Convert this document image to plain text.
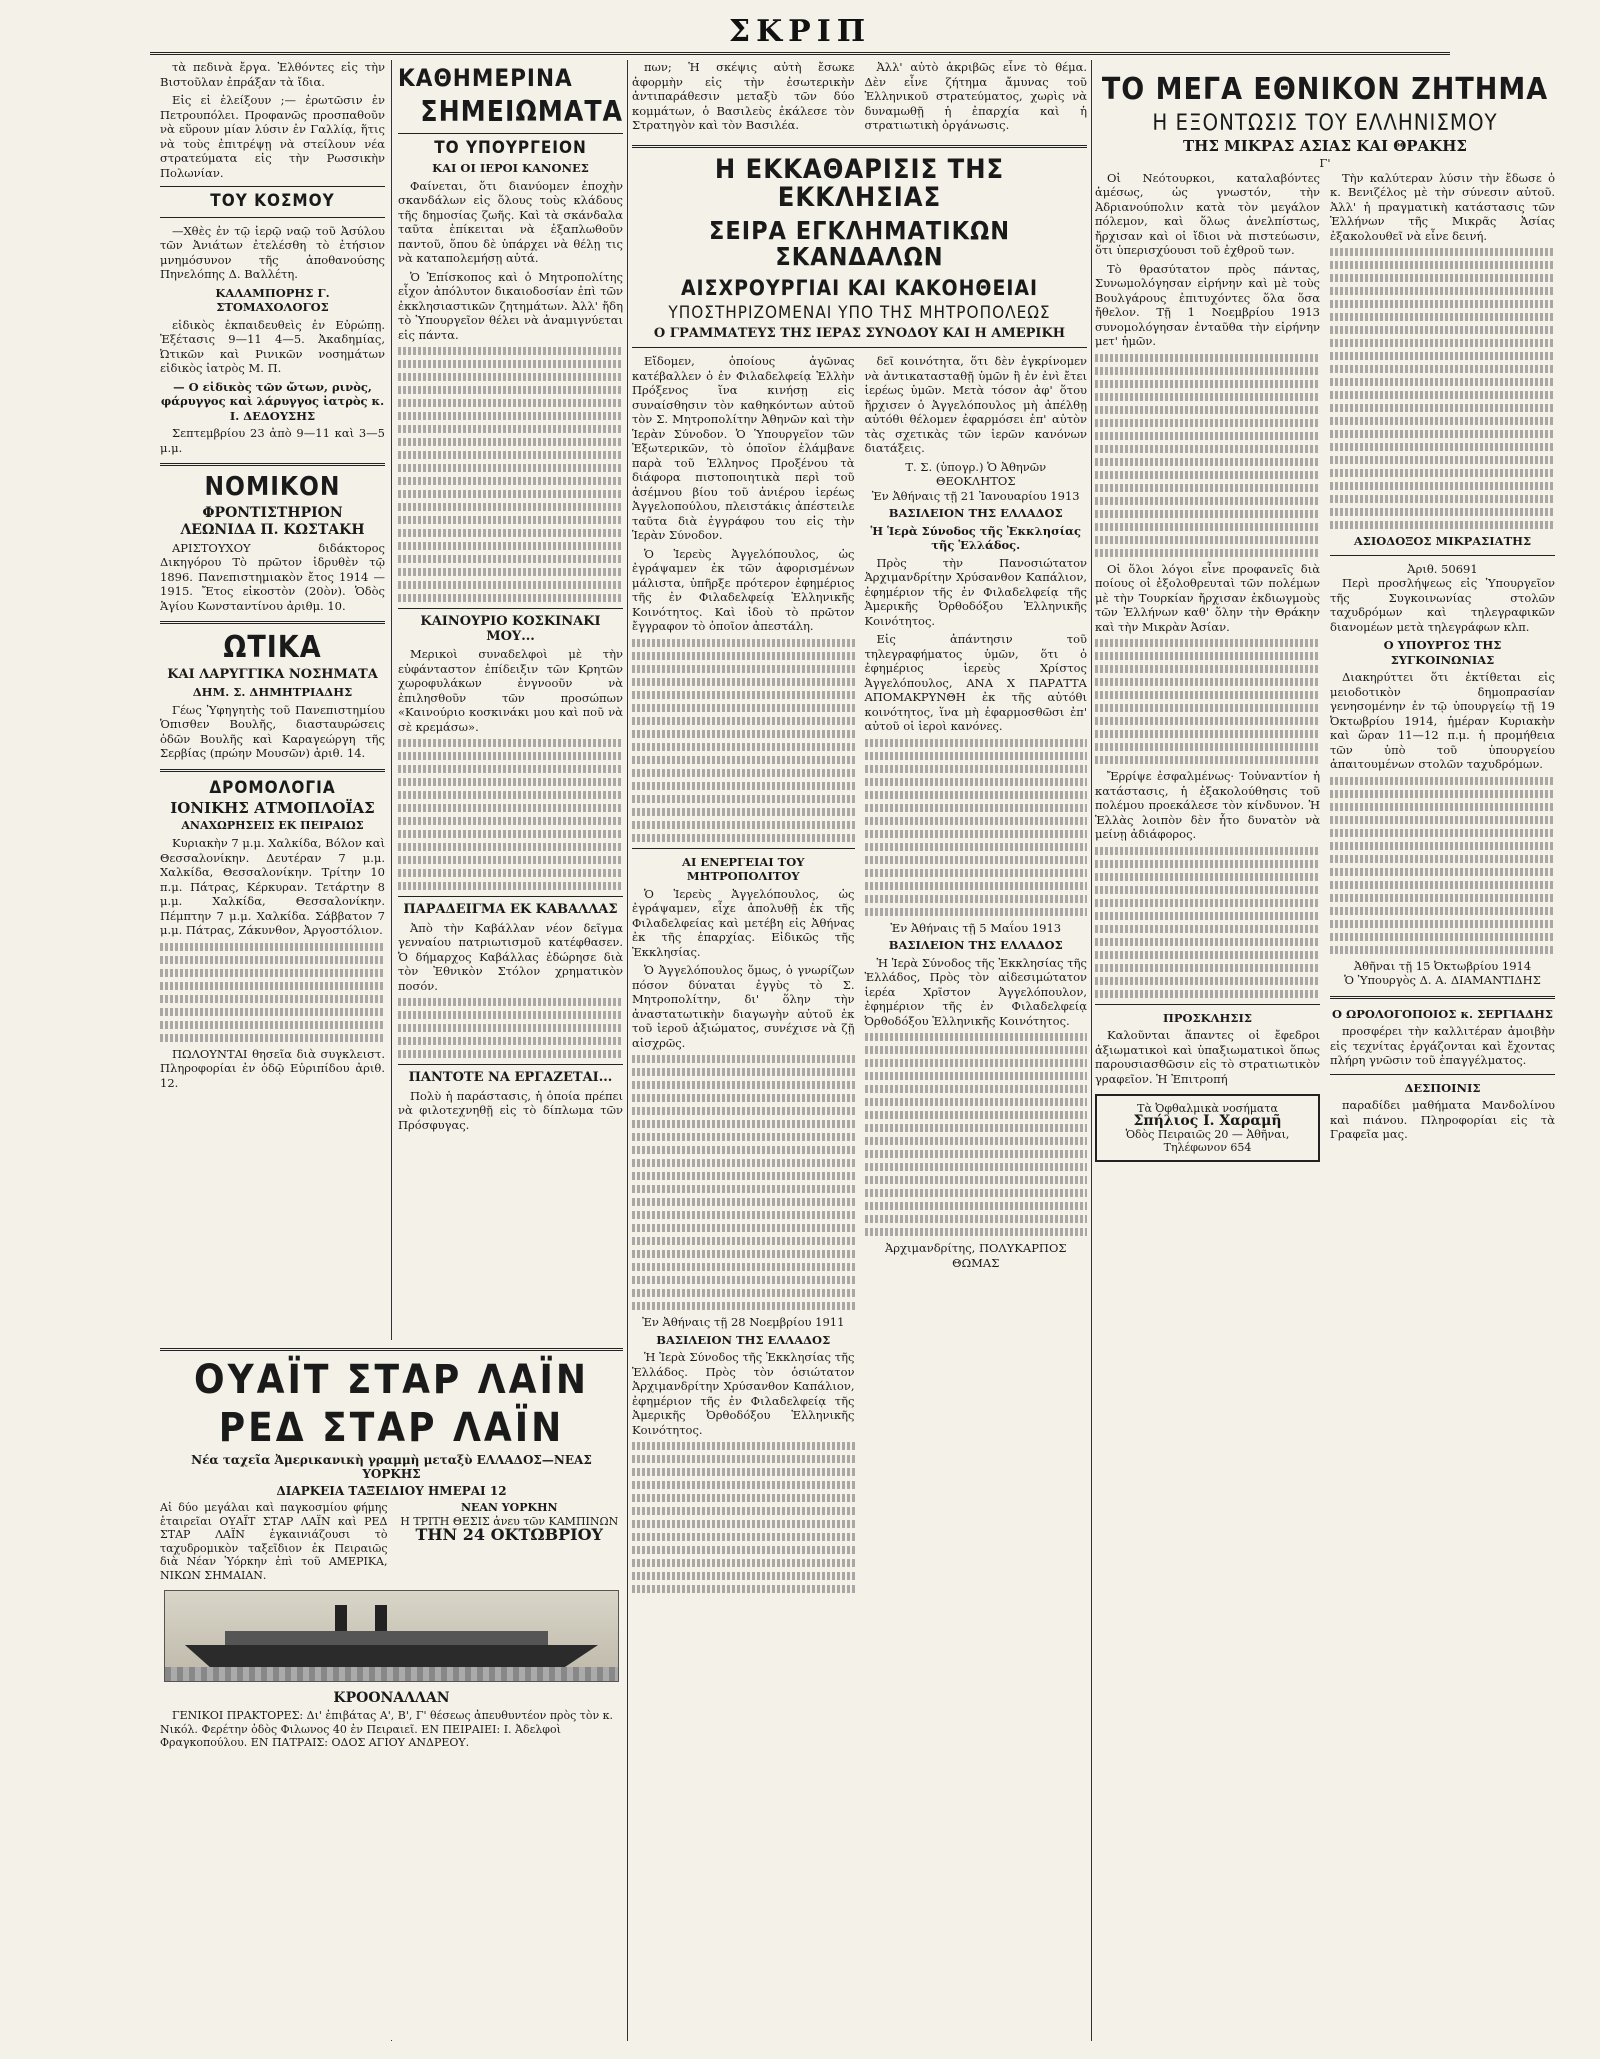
ΣΚΡΙΠ

τὰ πεδινὰ ἔργα. Ἐλθόντες εἰς τὴν Βιστοῦλαν ἐπράξαν τὰ ἴδια.

Εἰς εἰ ἐλείξουν ;— ἐρωτῶσιν ἐν Πετρουπόλει. Προφανῶς προσπαθοῦν νὰ εὕρουν μίαν λύσιν ἐν Γαλλίᾳ, ἥτις νὰ τοὺς ἐπιτρέψῃ νὰ στείλουν νέα στρατεύματα εἰς τὴν Ρωσσικὴν Πολωνίαν.

ΤΟΥ ΚΟΣΜΟΥ

—Χθὲς ἐν τῷ ἱερῷ ναῷ τοῦ Ἀσύλου τῶν Ἀνιάτων ἐτελέσθη τὸ ἐτήσιον μνημόσυνον τῆς ἀποθανούσης Πηνελόπης Δ. Βαλλέτη.

ΚΑΛΑΜΠΟΡΗΣ Γ. ΣΤΟΜΑΧΟΛΟΓΟΣ

εἰδικὸς ἐκπαιδευθεὶς ἐν Εὐρώπῃ. Ἐξέτασις 9—11 4—5. Ἀκαδημίας, Ὠτικῶν καὶ Ρινικῶν νοσημάτων εἰδικὸς ἰατρὸς Μ. Π.

— Ο εἰδικὸς τῶν ὤτων, ρινὸς, φάρυγγος καὶ λάρυγγος ἰατρὸς κ. Ι. ΔΕΔΟΥΣΗΣ

Σεπτεμβρίου 23 ἀπὸ 9—11 καὶ 3—5 μ.μ.

ΝΟΜΙΚΟΝ
ΦΡΟΝΤΙΣΤΗΡΙΟΝ
ΛΕΩΝΙΔΑ Π. ΚΩΣΤΑΚΗ

ΑΡΙΣΤΟΥΧΟΥ διδάκτορος Δικηγόρου Τὸ πρῶτον ἱδρυθὲν τῷ 1896. Πανεπιστημιακὸν ἔτος 1914 — 1915. Ἔτος εἰκοστὸν (20ὸν). Ὁδὸς Ἁγίου Κωνσταντίνου ἀριθμ. 10.

ΩΤΙΚΑ
ΚΑΙ ΛΑΡΥΓΓΙΚΑ ΝΟΣΗΜΑΤΑ
ΔΗΜ. Σ. ΔΗΜΗΤΡΙΑΔΗΣ

Γέως Ὑφηγητὴς τοῦ Πανεπιστημίου Ὁπισθεν Βουλῆς, διασταυρώσεις ὁδῶν Βουλῆς καὶ Καραγεώργη τῆς Σερβίας (πρώην Μουσῶν) ἀριθ. 14.

ΔΡΟΜΟΛΟΓΙΑ
ΙΟΝΙΚΗΣ ΑΤΜΟΠΛΟΪΑΣ
ΑΝΑΧΩΡΗΣΕΙΣ ΕΚ ΠΕΙΡΑΙΩΣ

Κυριακὴν 7 μ.μ. Χαλκίδα, Βόλον καὶ Θεσσαλονίκην. Δευτέραν 7 μ.μ. Χαλκίδα, Θεσσαλονίκην. Τρίτην 10 π.μ. Πάτρας, Κέρκυραν. Τετάρτην 8 μ.μ. Χαλκίδα, Θεσσαλονίκην. Πέμπτην 7 μ.μ. Χαλκίδα. Σάββατον 7 μ.μ. Πάτρας, Ζάκυνθον, Ἀργοστόλιον.

ΠΩΛΟΥΝΤΑΙ θησεῖα διὰ συγκλειστ. Πληροφορίαι ἐν ὁδῷ Εὐριπίδου ἀριθ. 12.

ΚΑΘΗΜΕΡΙΝΑ
ΣΗΜΕΙΩΜΑΤΑ
ΤΟ ΥΠΟΥΡΓΕΙΟΝ
ΚΑΙ ΟΙ ΙΕΡΟΙ ΚΑΝΟΝΕΣ

Φαίνεται, ὅτι διανύομεν ἐποχὴν σκανδάλων εἰς ὅλους τοὺς κλάδους τῆς δημοσίας ζωῆς. Καὶ τὰ σκάνδαλα ταῦτα ἐπίκειται νὰ ἐξαπλωθοῦν παντοῦ, ὅπου δὲ ὑπάρχει νὰ θέλῃ τις νὰ καταπολεμήσῃ αὐτά.

Ὁ Ἐπίσκοπος καὶ ὁ Μητροπολίτης εἶχον ἀπόλυτον δικαιοδοσίαν ἐπὶ τῶν ἐκκλησιαστικῶν ζητημάτων. Ἀλλ' ἤδη τὸ Ὑπουργεῖον θέλει νὰ ἀναμιγνύεται εἰς πάντα.

ΚΑΙΝΟΥΡΙΟ ΚΟΣΚΙΝΑΚΙ ΜΟΥ...

Μερικοὶ συναδελφοὶ μὲ τὴν εὐφάνταστον ἐπίδειξιν τῶν Κρητῶν χωροφυλάκων ἐνγνοοῦν νὰ ἐπιλησθοῦν τῶν προσώπων «Καινούριο κοσκινάκι μου καὶ ποῦ νὰ σὲ κρεμάσω».

ΠΑΡΑΔΕΙΓΜΑ ΕΚ ΚΑΒΑΛΛΑΣ

Ἀπὸ τὴν Καβάλλαν νέον δεῖγμα γενναίου πατριωτισμοῦ κατέφθασεν. Ὁ δήμαρχος Καβάλλας ἐδώρησε διὰ τὸν Ἐθνικὸν Στόλον χρηματικὸν ποσόν.

ΠΑΝΤΟΤΕ ΝΑ ΕΡΓΑΖΕΤΑΙ...

Πολὺ ἡ παράστασις, ἡ ὁποία πρέπει νὰ φιλοτεχνηθῇ εἰς τὸ δίπλωμα τῶν Πρόσφυγας.

ΟΥΑΪΤ ΣΤΑΡ ΛΑΪΝ
ΡΕΔ ΣΤΑΡ ΛΑΪΝ
Νέα ταχεῖα Ἀμερικανικὴ γραμμὴ μεταξὺ ΕΛΛΑΔΟΣ—ΝΕΑΣ ΥΟΡΚΗΣ
ΔΙΑΡΚΕΙΑ ΤΑΞΕΙΔΙΟΥ ΗΜΕΡΑΙ 12
Αἱ δύο μεγάλαι καὶ παγκοσμίου φήμης ἑταιρεῖαι ΟΥΑΪΤ ΣΤΑΡ ΛΑΪΝ καὶ ΡΕΔ ΣΤΑΡ ΛΑΪΝ ἐγκαινιάζουσι τὸ ταχυδρομικὸν ταξεῖδιον ἐκ Πειραιῶς διὰ Νέαν Ὑόρκην ἐπὶ τοῦ ΑΜΕΡΙΚΑ, ΝΙΚΩΝ ΣΗΜΑΙΑΝ.
ΝΕΑΝ ΥΟΡΚΗΝ
Η ΤΡΙΤΗ ΘΕΣΙΣ ἀνευ τῶν ΚΑΜΠΙΝΩΝ
ΤΗΝ 24 ΟΚΤΩΒΡΙΟΥ
ΚΡΟΟΝΑΛΛΑΝ

ΓΕΝΙΚΟΙ ΠΡΑΚΤΟΡΕΣ: Δι' ἐπιβάτας Α', Β', Γ' θέσεως ἀπευθυντέον πρὸς τὸν κ. Νικόλ. Φερέτην ὁδὸς Φιλωνος 40 ἐν Πειραιεῖ. ΕΝ ΠΕΙΡΑΙΕΙ: Ι. Ἀδελφοὶ Φραγκοπούλου. ΕΝ ΠΑΤΡΑΙΣ: ΟΔΟΣ ΑΓΙΟΥ ΑΝΔΡΕΟΥ.

πων; Ἡ σκέψις αὐτὴ ἔσωκε ἀφορμὴν εἰς τὴν ἐσωτερικὴν ἀντιπαράθεσιν μεταξὺ τῶν δύο κομμάτων, ὁ Βασιλεὺς ἐκάλεσε τὸν Στρατηγὸν καὶ τὸν Βασιλέα.

Ἀλλ' αὐτὸ ἀκριβῶς εἶνε τὸ θέμα. Δὲν εἶνε ζήτημα ἄμυνας τοῦ Ἑλληνικοῦ στρατεύματος, χωρὶς νὰ δυναμωθῇ ἡ ἐπαρχία καὶ ἡ στρατιωτικὴ ὀργάνωσις.

Η ΕΚΚΑΘΑΡΙΣΙΣ ΤΗΣ ΕΚΚΛΗΣΙΑΣ
ΣΕΙΡΑ ΕΓΚΛΗΜΑΤΙΚΩΝ ΣΚΑΝΔΑΛΩΝ
ΑΙΣΧΡΟΥΡΓΙΑΙ ΚΑΙ ΚΑΚΟΗΘΕΙΑΙ
ΥΠΟΣΤΗΡΙΖΟΜΕΝΑΙ ΥΠΟ ΤΗΣ ΜΗΤΡΟΠΟΛΕΩΣ
Ο ΓΡΑΜΜΑΤΕΥΣ ΤΗΣ ΙΕΡΑΣ ΣΥΝΟΔΟΥ ΚΑΙ Η ΑΜΕΡΙΚΗ

Εἴδομεν, ὁποίους ἀγῶνας κατέβαλλεν ὁ ἐν Φιλαδελφείᾳ Ἑλλὴν Πρόξενος ἵνα κινήσῃ εἰς συναίσθησιν τὸν καθηκόντων αὐτοῦ τὸν Σ. Μητροπολίτην Ἀθηνῶν καὶ τὴν Ἱερὰν Σύνοδον. Ὁ Ὑπουργεῖον τῶν Ἐξωτερικῶν, τὸ ὁποῖον ἐλάμβανε παρὰ τοῦ Ἑλληνος Προξένου τὰ διάφορα πιστοποιητικὰ περὶ τοῦ ἀσέμνου βίου τοῦ ἀνιέρου ἱερέως Ἀγγελοπούλου, πλειστάκις ἀπέστειλε ταῦτα διὰ ἐγγράφου του εἰς τὴν Ἱερὰν Σύνοδον.

Ὁ Ἱερεὺς Ἀγγελόπουλος, ὡς ἐγράψαμεν ἐκ τῶν ἀφορισμένων μάλιστα, ὑπῆρξε πρότερον ἐφημέριος τῆς ἐν Φιλαδελφείᾳ Ἑλληνικῆς Κοινότητος. Καὶ ἰδοὺ τὸ πρῶτον ἔγγραφον τὸ ὁποῖον ἀπεστάλη.

ΑΙ ΕΝΕΡΓΕΙΑΙ ΤΟΥ ΜΗΤΡΟΠΟΛΙΤΟΥ

Ὁ Ἱερεὺς Ἀγγελόπουλος, ὡς ἐγράψαμεν, εἶχε ἀπολυθῇ ἐκ τῆς Φιλαδελφείας καὶ μετέβη εἰς Ἀθήνας ἐκ τῆς ἐπαρχίας. Εἰδικῶς τῆς Ἐκκλησίας.

Ὁ Ἀγγελόπουλος ὅμως, ὁ γνωρίζων πόσον δύναται ἐγγὺς τὸ Σ. Μητροπολίτην, δι' ὅλην τὴν ἀναστατωτικὴν διαγωγὴν αὐτοῦ ἐκ τοῦ ἱεροῦ ἀξιώματος, συνέχισε νὰ ζῇ αἰσχρῶς.

Ἐν Ἀθήναις τῇ 28 Νοεμβρίου 1911
ΒΑΣΙΛΕΙΟΝ ΤΗΣ ΕΛΛΑΔΟΣ

Ἡ Ἱερὰ Σύνοδος τῆς Ἐκκλησίας τῆς Ἑλλάδος. Πρὸς τὸν ὁσιώτατον Ἀρχιμανδρίτην Χρύσανθον Καπάλιον, ἐφημέριον τῆς ἐν Φιλαδελφείᾳ τῆς Ἀμερικῆς Ὀρθοδόξου Ἑλληνικῆς Κοινότητος.

δεῖ κοινότητα, ὅτι δὲν ἐγκρίνομεν νὰ ἀντικατασταθῇ ὑμῶν ἢ ἐν ἐνὶ ἔτει ἱερέως ὑμῶν. Μετὰ τόσον ἀφ' ὅτου ἤρχισεν ὁ Ἀγγελόπουλος μὴ ἀπέλθῃ αὐτόθι θέλομεν ἐφαρμόσει ἐπ' αὐτὸν τὰς σχετικὰς τῶν ἱερῶν κανόνων διατάξεις.

Τ. Σ. (ὑπογρ.) Ὁ Ἀθηνῶν ΘΕΟΚΛΗΤΟΣ
Ἐν Ἀθήναις τῇ 21 Ἰανουαρίου 1913
ΒΑΣΙΛΕΙΟΝ ΤΗΣ ΕΛΛΑΔΟΣ
Ἡ Ἱερὰ Σύνοδος τῆς Ἐκκλησίας τῆς Ἑλλάδος.

Πρὸς τὴν Πανοσιώτατον Ἀρχιμανδρίτην Χρύσανθον Καπάλιον, ἐφημέριον τῆς ἐν Φιλαδελφείᾳ τῆς Ἀμερικῆς Ὀρθοδόξου Ἑλληνικῆς Κοινότητος.

Εἰς ἀπάντησιν τοῦ τηλεγραφήματος ὑμῶν, ὅτι ὁ ἐφημέριος ἱερεὺς Χρίστος Ἀγγελόπουλος, ΑΝΑ Χ ΠΑΡΑΤΤΑ ΑΠΟΜΑΚΡΥΝΘΗ ἐκ τῆς αὐτόθι κοινότητος, ἵνα μὴ ἐφαρμοσθῶσι ἐπ' αὐτοῦ οἱ ἱεροὶ κανόνες.

Ἐν Ἀθήναις τῇ 5 Μαΐου 1913
ΒΑΣΙΛΕΙΟΝ ΤΗΣ ΕΛΛΑΔΟΣ

Ἡ Ἱερὰ Σύνοδος τῆς Ἐκκλησίας τῆς Ἑλλάδος, Πρὸς τὸν αἰδεσιμώτατον ἱερέα Χρῖστον Ἀγγελόπουλον, ἐφημέριον τῆς ἐν Φιλαδελφείᾳ Ὀρθοδόξου Ἑλληνικῆς Κοινότητος.

Ἀρχιμανδρίτης, ΠΟΛΥΚΑΡΠΟΣ ΘΩΜΑΣ
ΤΟ ΜΕΓΑ ΕΘΝΙΚΟΝ ΖΗΤΗΜΑ
Η ΕΞΟΝΤΩΣΙΣ ΤΟΥ ΕΛΛΗΝΙΣΜΟΥ
ΤΗΣ ΜΙΚΡΑΣ ΑΣΙΑΣ ΚΑΙ ΘΡΑΚΗΣ
Γ'

Οἱ Νεότουρκοι, καταλαβόντες ἀμέσως, ὡς γνωστόν, τὴν Ἀδριανούπολιν κατὰ τὸν μεγάλον πόλεμον, καὶ ὅλως ἀνελπίστως, ἤρχισαν καὶ οἱ ἴδιοι νὰ πιστεύωσιν, ὅτι ὑπερισχύουσι τοῦ ἐχθροῦ των.

Τὸ θρασύτατον πρὸς πάντας, Συνωμολόγησαν εἰρήνην καὶ μὲ τοὺς Βουλγάρους ἐπιτυχόντες ὅλα ὅσα ἤθελον. Τῇ 1 Νοεμβρίου 1913 συνομολόγησαν ἐνταῦθα τὴν εἰρήνην μετ' ἡμῶν.

Οἱ ὅλοι λόγοι εἶνε προφανεῖς διὰ ποίους οἱ ἐξολοθρευταὶ τῶν πολέμων μὲ τὴν Τουρκίαν ἤρχισαν ἐκδιωγμοὺς τῶν Ἑλλήνων καθ' ὅλην τὴν Θράκην καὶ τὴν Μικρὰν Ἀσίαν.

Ἔρρίψε ἐσφαλμένως· Τοὐναντίον ἡ κατάστασις, ἡ ἐξακολούθησις τοῦ πολέμου προεκάλεσε τὸν κίνδυνον. Ἡ Ἑλλὰς λοιπὸν δὲν ἦτο δυνατὸν νὰ μείνῃ ἀδιάφορος.

ΠΡΟΣΚΛΗΣΙΣ

Καλοῦνται ἅπαντες οἱ ἔφεδροι ἀξιωματικοὶ καὶ ὑπαξιωματικοὶ ὅπως παρουσιασθῶσιν εἰς τὸ στρατιωτικὸν γραφεῖον. Ἡ Ἐπιτροπή

Τὰ Ὀφθαλμικὰ νοσήματα
Σπήλιος Ι. Χαραμῆ
Ὁδὸς Πειραιῶς 20 — Ἀθῆναι, Τηλέφωνον 654

Τὴν καλύτεραν λύσιν τὴν ἔδωσε ὁ κ. Βενιζέλος μὲ τὴν σύνεσιν αὐτοῦ. Ἀλλ' ἡ πραγματικὴ κατάστασις τῶν Ἑλλήνων τῆς Μικρᾶς Ἀσίας ἐξακολουθεῖ νὰ εἶνε δεινή.

ΑΣΙΟΔΟΞΟΣ ΜΙΚΡΑΣΙΑΤΗΣ
Ἀριθ. 50691

Περὶ προσλήψεως εἰς Ὑπουργεῖον τῆς Συγκοινωνίας στολῶν ταχυδρόμων καὶ τηλεγραφικῶν διανομέων μετὰ τηλεγράφων κλπ.

Ο ΥΠΟΥΡΓΟΣ ΤΗΣ ΣΥΓΚΟΙΝΩΝΙΑΣ

Διακηρύττει ὅτι ἐκτίθεται εἰς μειοδοτικὸν δημοπρασίαν γενησομένην ἐν τῷ ὑπουργείῳ τῇ 19 Ὀκτωβρίου 1914, ἡμέραν Κυριακὴν καὶ ὥραν 11—12 π.μ. ἡ προμήθεια τῶν ὑπὸ τοῦ ὑπουργείου ἀπαιτουμένων στολῶν ταχυδρόμων.

Ἀθῆναι τῇ 15 Ὀκτωβρίου 1914
Ὁ Ὑπουργὸς Δ. Α. ΔΙΑΜΑΝΤΙΔΗΣ
Ο ΩΡΟΛΟΓΟΠΟΙΟΣ κ. ΣΕΡΓΙΑΔΗΣ

προσφέρει τὴν καλλιτέραν ἀμοιβὴν εἰς τεχνίτας ἐργάζονται καὶ ἔχοντας πλήρη γνῶσιν τοῦ ἐπαγγέλματος.

ΔΕΣΠΟΙΝΙΣ

παραδίδει μαθήματα Μανδολίνου καὶ πιάνου. Πληροφορίαι εἰς τὰ Γραφεῖα μας.
